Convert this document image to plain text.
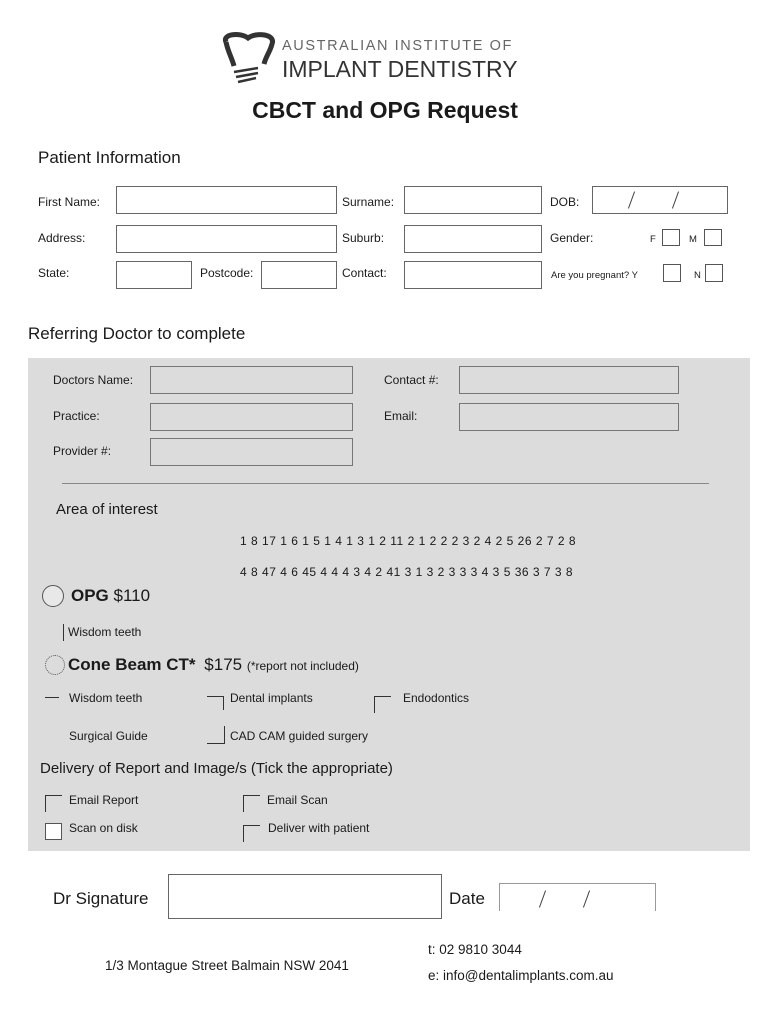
AUSTRALIAN INSTITUTE OF
IMPLANT DENTISTRY
CBCT and OPG Request
Patient Information
First Name:	Surname:	DOB:
Address:	Suburb:	Gender:	F	M
State:	Postcode:	Contact:	Are you pregnant? Y	N
Referring Doctor to complete
Doctors Name:	Contact #:
Practice:	Email:
Provider #:
Area of interest
1 8 17 1 6 1 5 1 4 1 3 1 2 11 2 1 2 2 2 3 2 4 2 5 26 2 7 2 8
4 8 47 4 6 45 4 4 4 3 4 2 41 3 1 3 2 3 3 3 4 3 5 36 3 7 3 8
OPG $110
Wisdom teeth
Cone Beam CT* $175 (*report not included)
Wisdom teeth	Dental implants	Endodontics
Surgical Guide	CAD CAM guided surgery
Delivery of Report and Image/s (Tick the appropriate)
Email Report	Email Scan
Scan on disk	Deliver with patient
Dr Signature	Date
1/3 Montague Street Balmain NSW 2041
t: 02 9810 3044
e: info@dentalimplants.com.au
